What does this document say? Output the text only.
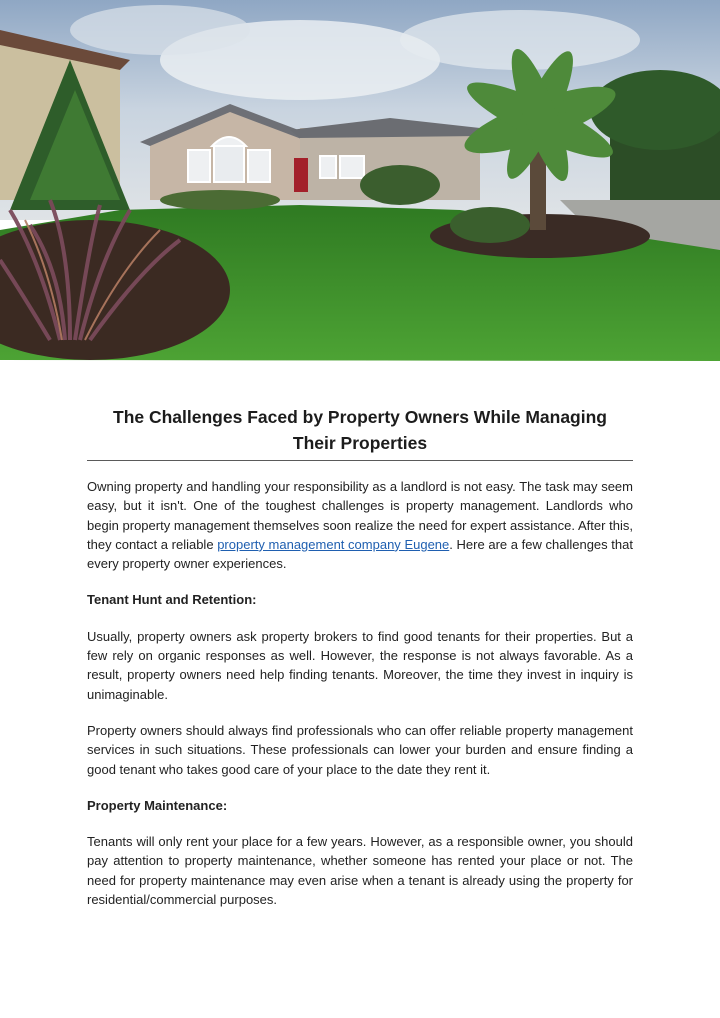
The Challenges Faced by Property Owners While Managing Their Properties

Owning property and handling your responsibility as a landlord is not easy. The task may seem easy, but it isn't. One of the toughest challenges is property management. Landlords who begin property management themselves soon realize the need for expert assistance. After this, they contact a reliable property management company Eugene. Here are a few challenges that every property owner experiences.

Tenant Hunt and Retention:

Usually, property owners ask property brokers to find good tenants for their properties. But a few rely on organic responses as well. However, the response is not always favorable. As a result, property owners need help finding tenants. Moreover, the time they invest in inquiry is unimaginable.

Property owners should always find professionals who can offer reliable property management services in such situations. These professionals can lower your burden and ensure finding a good tenant who takes good care of your place to the date they rent it.

Property Maintenance:

Tenants will only rent your place for a few years. However, as a responsible owner, you should pay attention to property maintenance, whether someone has rented your place or not. The need for property maintenance may even arise when a tenant is already using the property for residential/commercial purposes.
